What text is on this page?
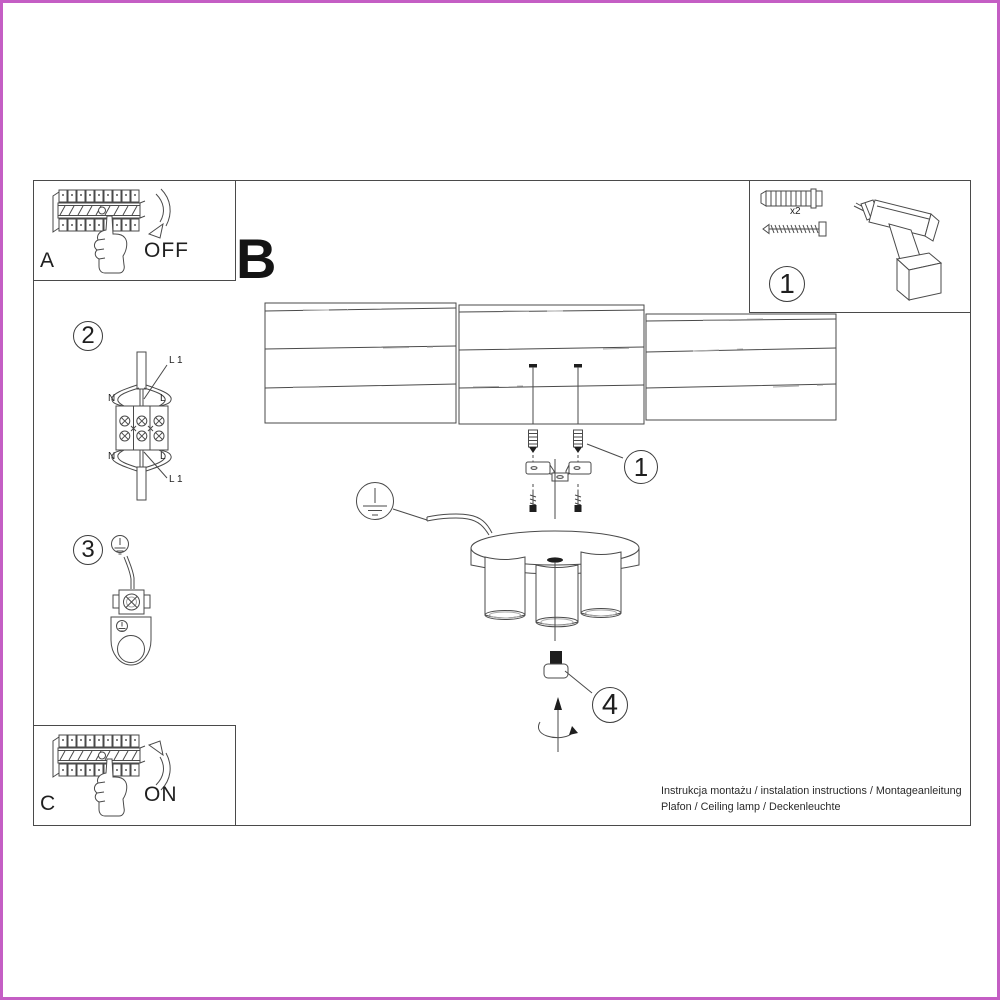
A	OFF B
C	ON
x2
1
1
2
3
4
N	L
L 1
N	L
L 1
Instrukcja montażu / instalation instructions / Montageanleitung
Plafon / Ceiling lamp / Deckenleuchte
